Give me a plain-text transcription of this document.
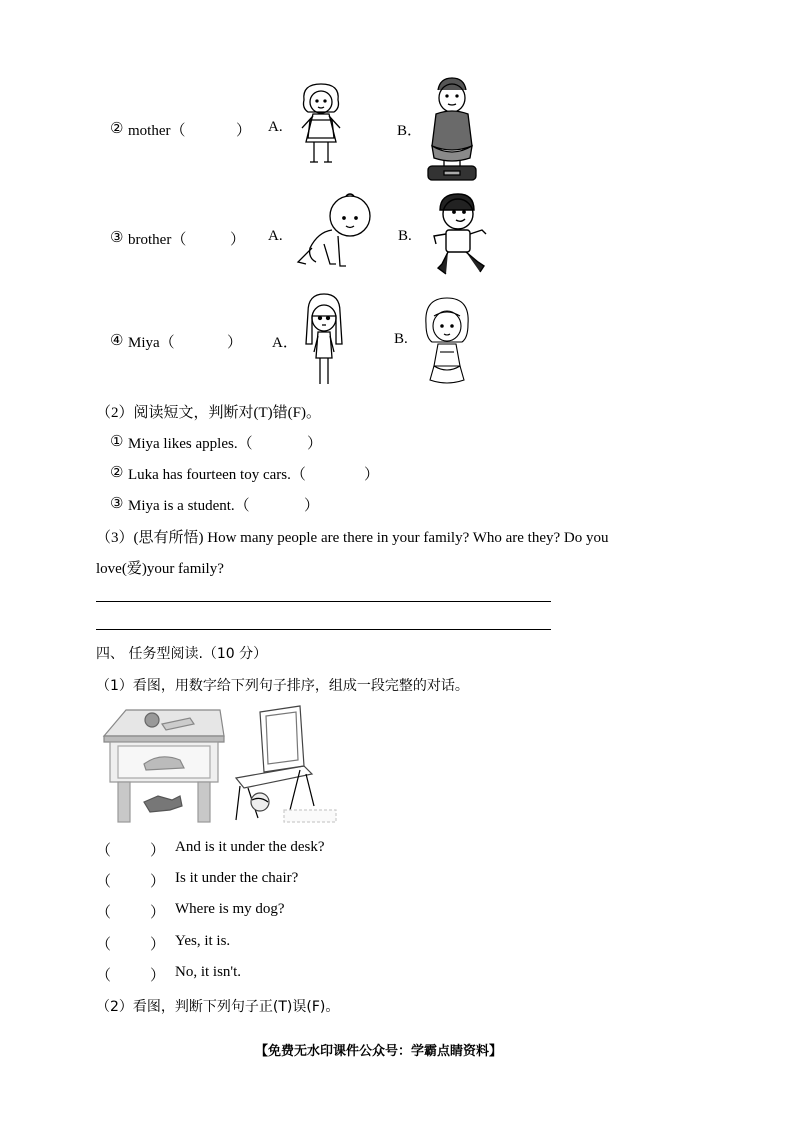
② mother（	） A.	B．
③ brother（	） A.	B.
④ Miya（	） A．	B.
（2）阅读短文，判断对(T)错(F)。
① Miya likes apples.（	）
② Luka has fourteen toy cars.（	）
③ Miya is a student.（	）
（3）(思有所悟) How many people are there in your family? Who are they? Do you
love(爱)your family?
四、 任务型阅读.（10 分）
（1）看图，用数字给下列句子排序，组成一段完整的对话。
（	） And is it under the desk?
（	） Is it under the chair?
（	） Where is my dog?
（	） Yes, it is.
（	） No, it isn't.
（2）看图，判断下列句子正(T)误(F)。
【免费无水印课件公众号：学霸点睛资料】
